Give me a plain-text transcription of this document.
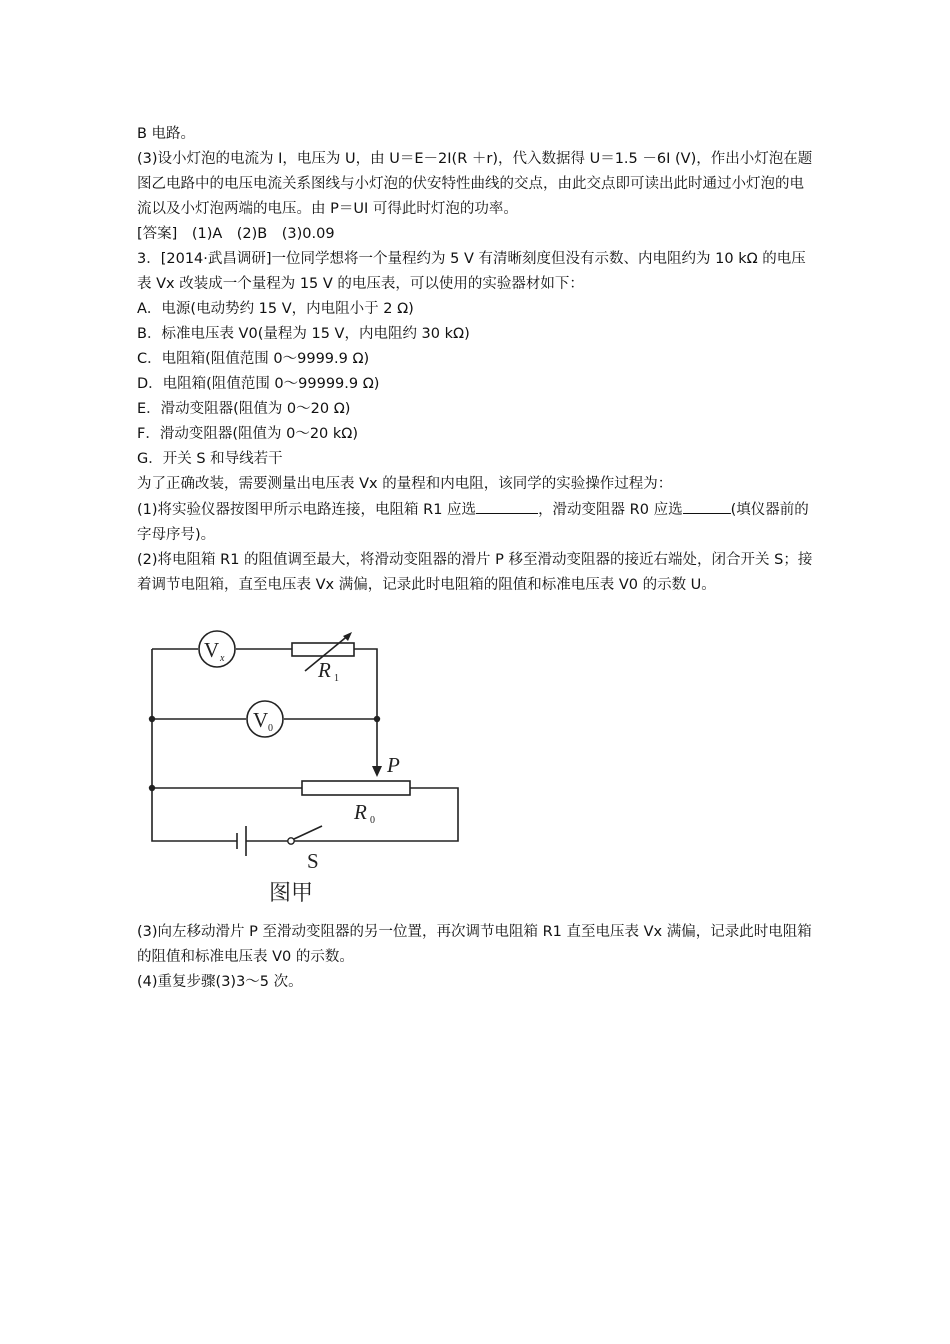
B 电路。

(3)设小灯泡的电流为 I，电压为 U，由 U＝E－2I(R ＋r)，代入数据得 U＝1.5 －6I (V)，作出小灯泡在题图乙电路中的电压电流关系图线与小灯泡的伏安特性曲线的交点，由此交点即可读出此时通过小灯泡的电流以及小灯泡两端的电压。由 P＝UI 可得此时灯泡的功率。

[答案]　(1)A　(2)B　(3)0.09

3．[2014·武昌调研]一位同学想将一个量程约为 5 V 有清晰刻度但没有示数、内电阻约为 10 kΩ 的电压表 Vx 改装成一个量程为 15 V 的电压表，可以使用的实验器材如下：

A．电源(电动势约 15 V，内电阻小于 2 Ω)

B．标准电压表 V0(量程为 15 V，内电阻约 30 kΩ)

C．电阻箱(阻值范围 0～9999.9 Ω)

D．电阻箱(阻值范围 0～99999.9 Ω)

E．滑动变阻器(阻值为 0～20 Ω)

F．滑动变阻器(阻值为 0～20 kΩ)

G．开关 S 和导线若干

为了正确改装，需要测量出电压表 Vx 的量程和内电阻，该同学的实验操作过程为：

(1)将实验仪器按图甲所示电路连接，电阻箱 R1 应选	，滑动变阻器 R0 应选	(填仪器前的字母序号)。

(2)将电阻箱 R1 的阻值调至最大，将滑动变阻器的滑片 P 移至滑动变阻器的接近右端处，闭合开关 S；接着调节电阻箱，直至电压表 Vx 满偏，记录此时电阻箱的阻值和标准电压表 V0 的示数 U。

V x	R 1
V 0
P
R 0
S
图甲

(3)向左移动滑片 P 至滑动变阻器的另一位置，再次调节电阻箱 R1 直至电压表 Vx 满偏，记录此时电阻箱的阻值和标准电压表 V0 的示数。

(4)重复步骤(3)3～5 次。
